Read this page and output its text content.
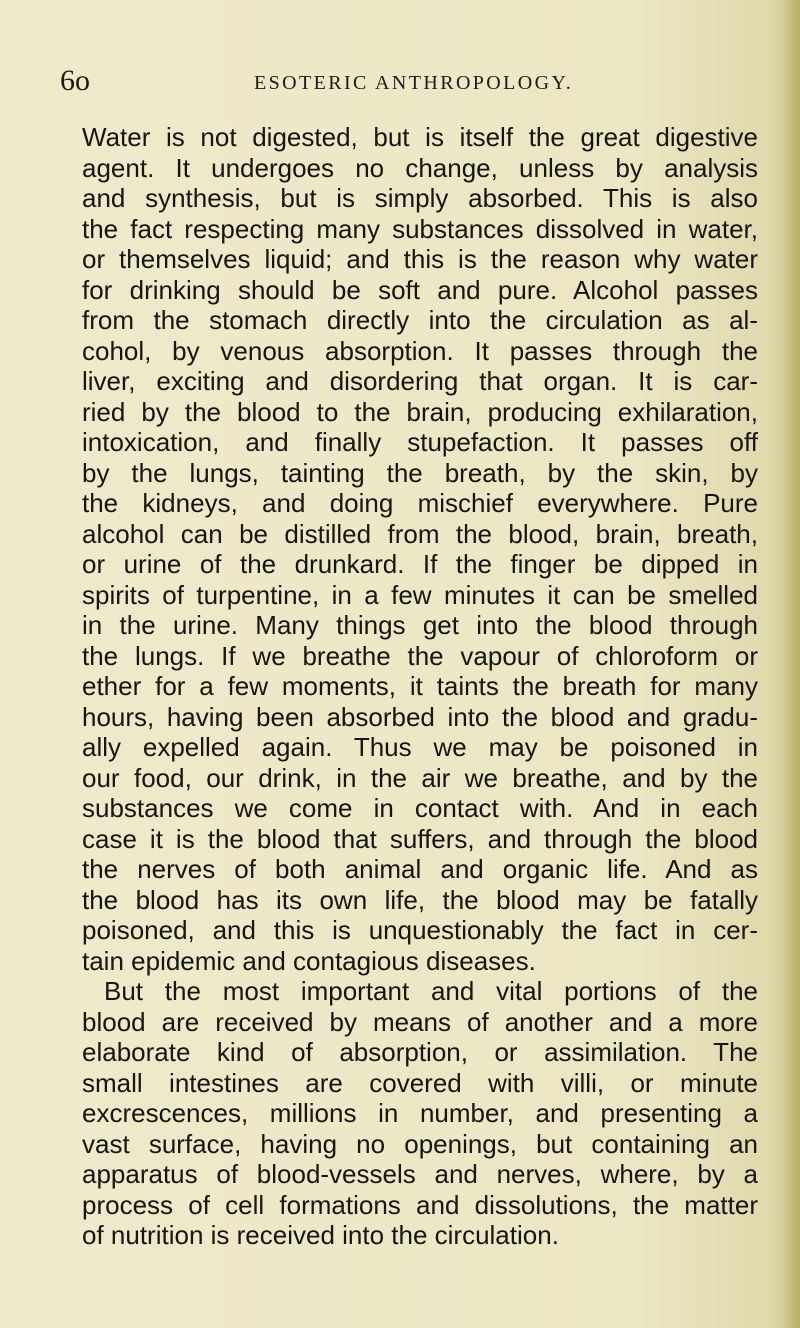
6o	ESOTERIC ANTHROPOLOGY.
Water is not digested, but is itself the great digestive
agent. It undergoes no change, unless by analysis
and synthesis, but is simply absorbed. This is also
the fact respecting many substances dissolved in water,
or themselves liquid; and this is the reason why water
for drinking should be soft and pure. Alcohol passes
from the stomach directly into the circulation as al-
cohol, by venous absorption. It passes through the
liver, exciting and disordering that organ. It is car-
ried by the blood to the brain, producing exhilaration,
intoxication, and finally stupefaction. It passes off
by the lungs, tainting the breath, by the skin, by
the kidneys, and doing mischief everywhere. Pure
alcohol can be distilled from the blood, brain, breath,
or urine of the drunkard. If the finger be dipped in
spirits of turpentine, in a few minutes it can be smelled
in the urine. Many things get into the blood through
the lungs. If we breathe the vapour of chloroform or
ether for a few moments, it taints the breath for many
hours, having been absorbed into the blood and gradu-
ally expelled again. Thus we may be poisoned in
our food, our drink, in the air we breathe, and by the
substances we come in contact with. And in each
case it is the blood that suffers, and through the blood
the nerves of both animal and organic life. And as
the blood has its own life, the blood may be fatally
poisoned, and this is unquestionably the fact in cer-
tain epidemic and contagious diseases.
But the most important and vital portions of the
blood are received by means of another and a more
elaborate kind of absorption, or assimilation. The
small intestines are covered with villi, or minute
excrescences, millions in number, and presenting a
vast surface, having no openings, but containing an
apparatus of blood-vessels and nerves, where, by a
process of cell formations and dissolutions, the matter
of nutrition is received into the circulation.
